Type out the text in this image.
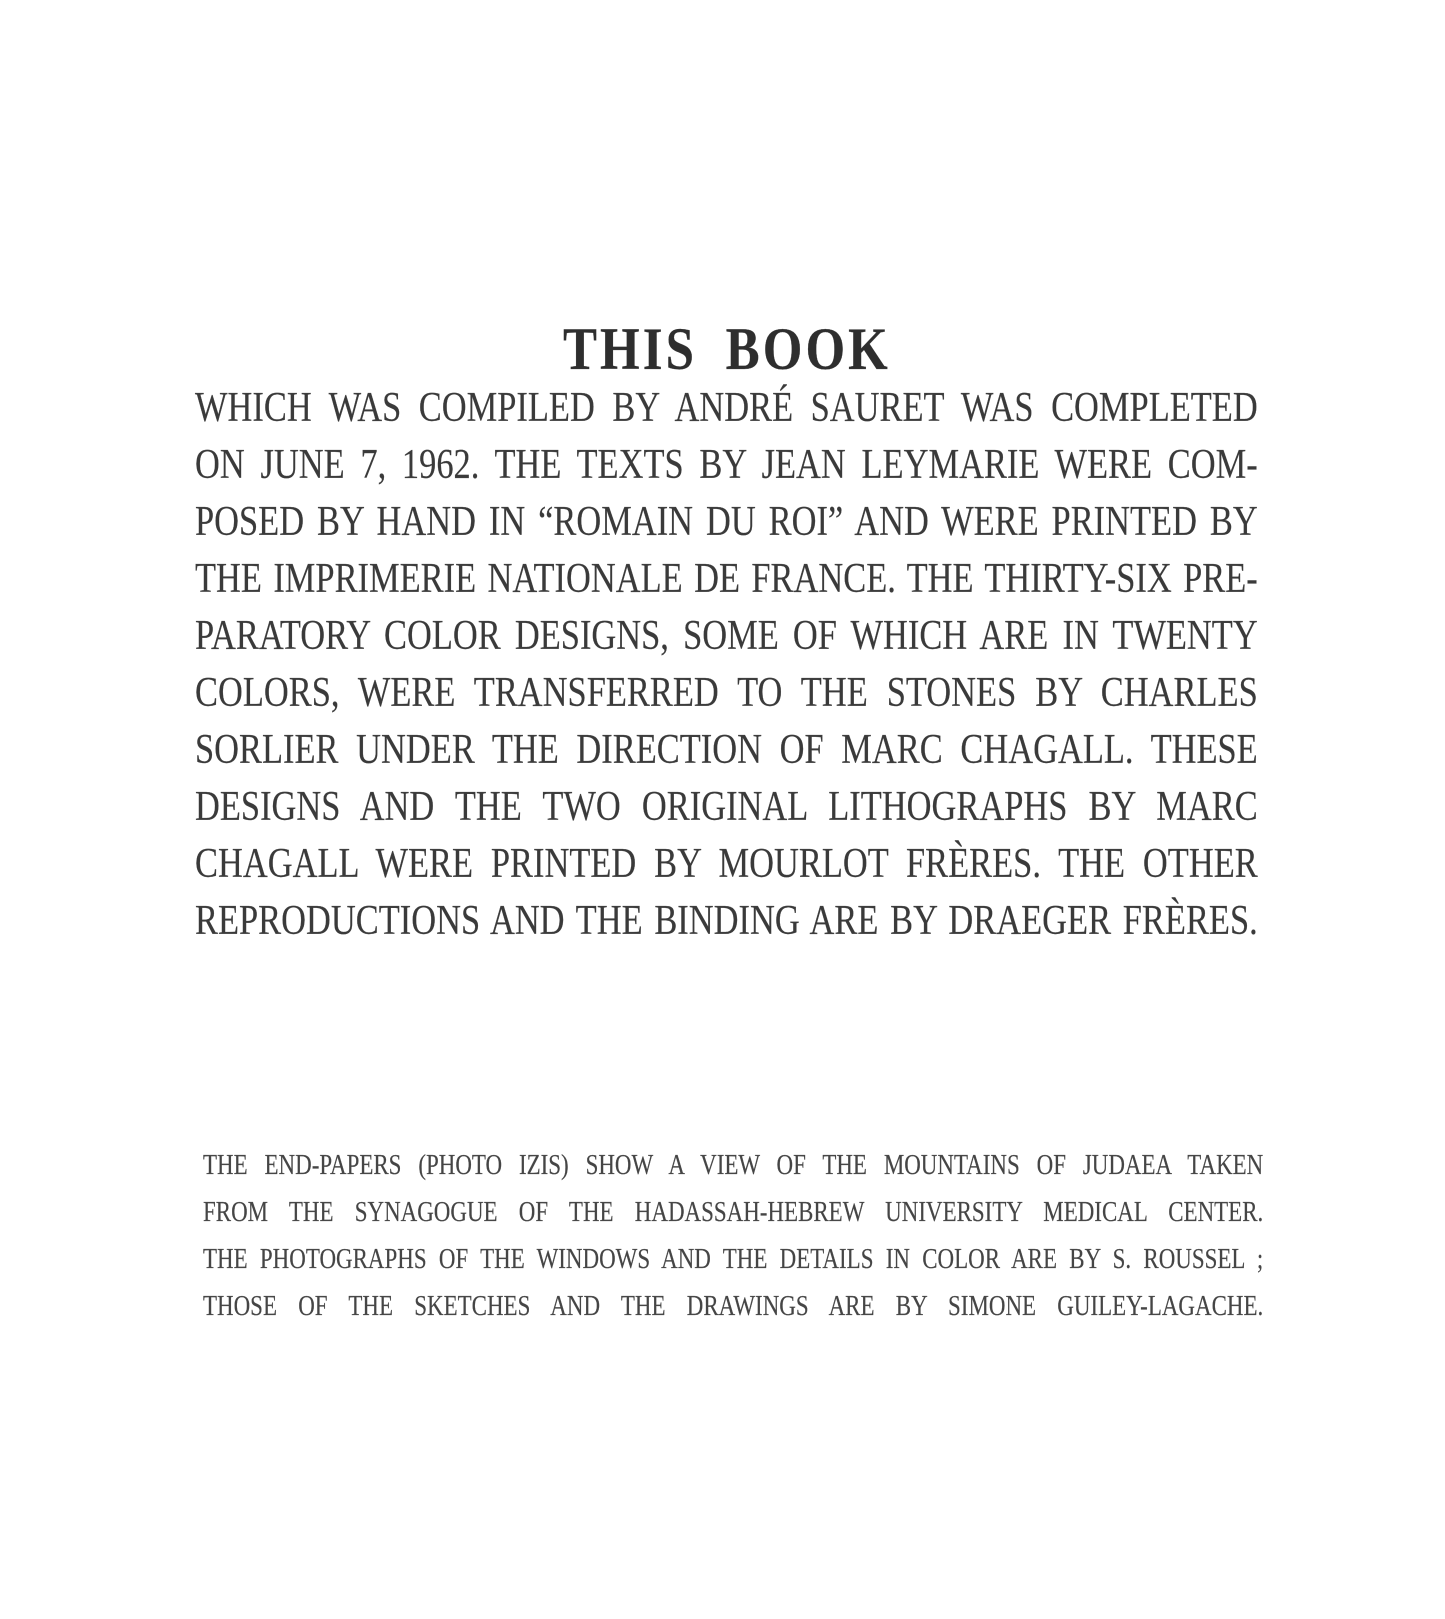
THIS BOOK
WHICH WAS COMPILED BY ANDRÉ SAURET WAS COMPLETED
ON JUNE 7, 1962. THE TEXTS BY JEAN LEYMARIE WERE COM-
POSED BY HAND IN “ROMAIN DU ROI” AND WERE PRINTED BY
THE IMPRIMERIE NATIONALE DE FRANCE. THE THIRTY-SIX PRE-
PARATORY COLOR DESIGNS, SOME OF WHICH ARE IN TWENTY
COLORS, WERE TRANSFERRED TO THE STONES BY CHARLES
SORLIER UNDER THE DIRECTION OF MARC CHAGALL. THESE
DESIGNS AND THE TWO ORIGINAL LITHOGRAPHS BY MARC
CHAGALL WERE PRINTED BY MOURLOT FRÈRES. THE OTHER
REPRODUCTIONS AND THE BINDING ARE BY DRAEGER FRÈRES.
THE END-PAPERS (PHOTO IZIS) SHOW A VIEW OF THE MOUNTAINS OF JUDAEA TAKEN
FROM THE SYNAGOGUE OF THE HADASSAH-HEBREW UNIVERSITY MEDICAL CENTER.
THE PHOTOGRAPHS OF THE WINDOWS AND THE DETAILS IN COLOR ARE BY S. ROUSSEL ;
THOSE OF THE SKETCHES AND THE DRAWINGS ARE BY SIMONE GUILEY-LAGACHE.
